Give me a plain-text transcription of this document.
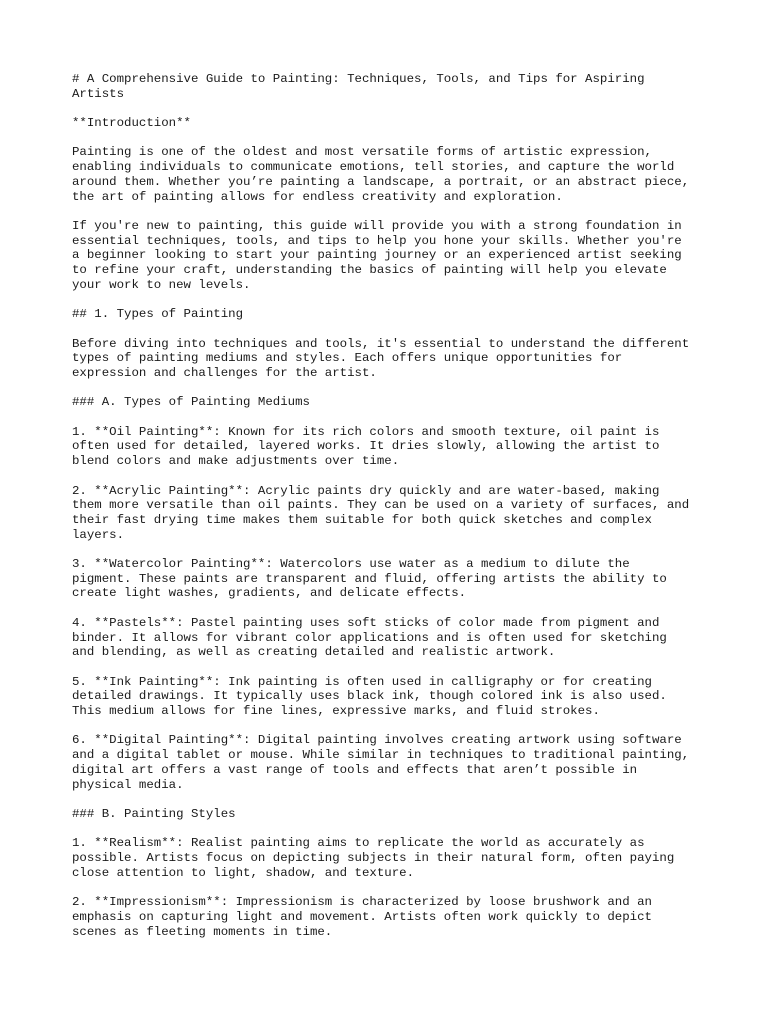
# A Comprehensive Guide to Painting: Techniques, Tools, and Tips for Aspiring
Artists

**Introduction**

Painting is one of the oldest and most versatile forms of artistic expression,
enabling individuals to communicate emotions, tell stories, and capture the world
around them. Whether you’re painting a landscape, a portrait, or an abstract piece,
the art of painting allows for endless creativity and exploration.

If you're new to painting, this guide will provide you with a strong foundation in
essential techniques, tools, and tips to help you hone your skills. Whether you're
a beginner looking to start your painting journey or an experienced artist seeking
to refine your craft, understanding the basics of painting will help you elevate
your work to new levels.

## 1. Types of Painting

Before diving into techniques and tools, it's essential to understand the different
types of painting mediums and styles. Each offers unique opportunities for
expression and challenges for the artist.

### A. Types of Painting Mediums

1. **Oil Painting**: Known for its rich colors and smooth texture, oil paint is
often used for detailed, layered works. It dries slowly, allowing the artist to
blend colors and make adjustments over time.

2. **Acrylic Painting**: Acrylic paints dry quickly and are water-based, making
them more versatile than oil paints. They can be used on a variety of surfaces, and
their fast drying time makes them suitable for both quick sketches and complex
layers.

3. **Watercolor Painting**: Watercolors use water as a medium to dilute the
pigment. These paints are transparent and fluid, offering artists the ability to
create light washes, gradients, and delicate effects.

4. **Pastels**: Pastel painting uses soft sticks of color made from pigment and
binder. It allows for vibrant color applications and is often used for sketching
and blending, as well as creating detailed and realistic artwork.

5. **Ink Painting**: Ink painting is often used in calligraphy or for creating
detailed drawings. It typically uses black ink, though colored ink is also used.
This medium allows for fine lines, expressive marks, and fluid strokes.

6. **Digital Painting**: Digital painting involves creating artwork using software
and a digital tablet or mouse. While similar in techniques to traditional painting,
digital art offers a vast range of tools and effects that aren’t possible in
physical media.

### B. Painting Styles

1. **Realism**: Realist painting aims to replicate the world as accurately as
possible. Artists focus on depicting subjects in their natural form, often paying
close attention to light, shadow, and texture.

2. **Impressionism**: Impressionism is characterized by loose brushwork and an
emphasis on capturing light and movement. Artists often work quickly to depict
scenes as fleeting moments in time.
